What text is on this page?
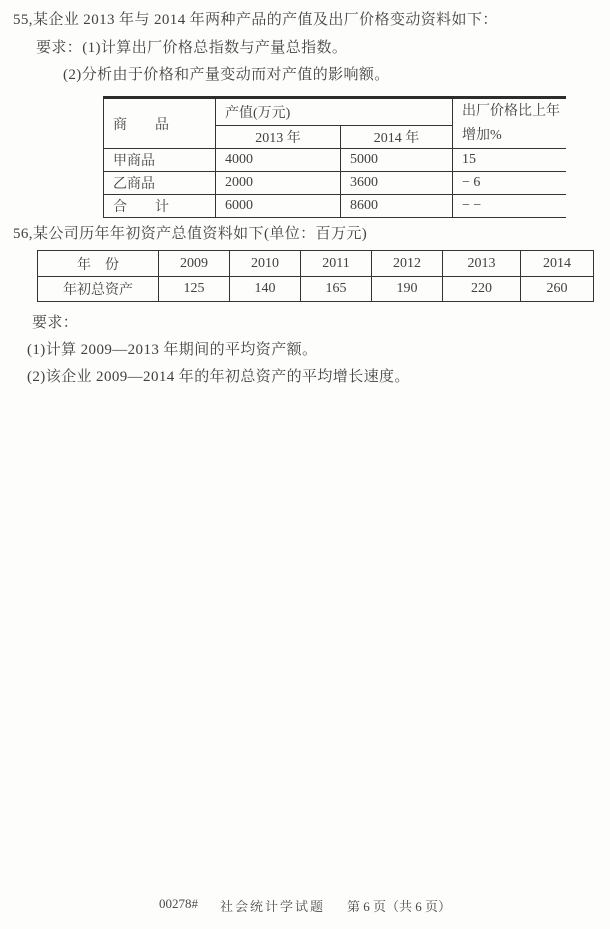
55,某企业 2013 年与 2014 年两种产品的产值及出厂价格变动资料如下：
要求：(1)计算出厂价格总指数与产量总指数。
(2)分析由于价格和产量变动而对产值的影响额。
商　　品	产值(万元)		出厂价格比上年
增加%

	2013 年	2014 年	
甲商品	4000	5000	15
乙商品	2000	3600	− 6
合　　计	6000	8600	− −
56,某公司历年年初资产总值资料如下(单位：百万元)
年　份	2009	2010	2011	2012	2013	2014
年初总资产	125	140	165	190	220	260
要求：
(1)计算 2009—2013 年期间的平均资产额。
(2)该企业 2009—2014 年的年初总资产的平均增长速度。
00278# 社会统计学试题 第 6 页（共 6 页）
